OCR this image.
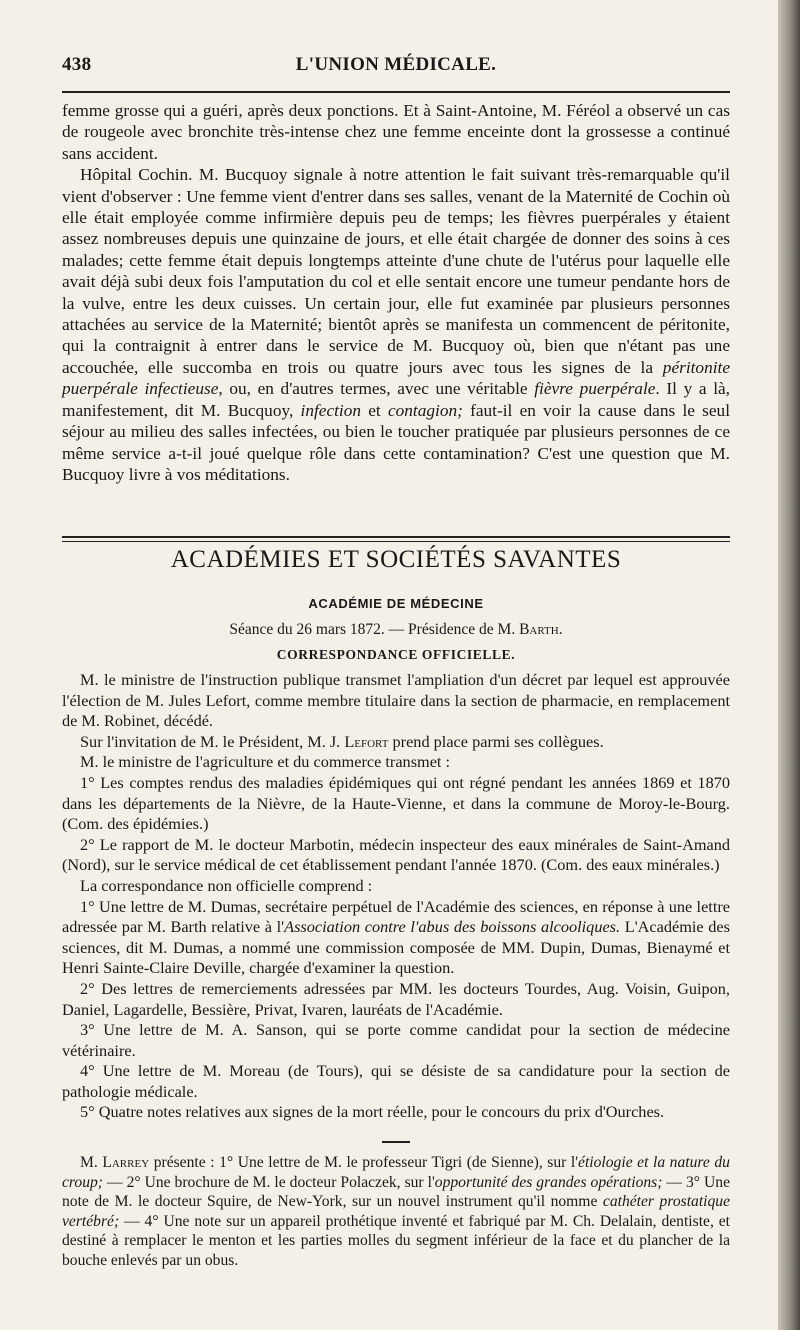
438	L'UNION MÉDICALE.

femme grosse qui a guéri, après deux ponctions. Et à Saint-Antoine, M. Féréol a observé un cas de rougeole avec bronchite très-intense chez une femme enceinte dont la grossesse a continué sans accident.

Hôpital Cochin. M. Bucquoy signale à notre attention le fait suivant très-remarquable qu'il vient d'observer : Une femme vient d'entrer dans ses salles, venant de la Maternité de Cochin où elle était employée comme infirmière depuis peu de temps; les fièvres puerpérales y étaient assez nombreuses depuis une quinzaine de jours, et elle était chargée de donner des soins à ces malades; cette femme était depuis longtemps atteinte d'une chute de l'utérus pour laquelle elle avait déjà subi deux fois l'amputation du col et elle sentait encore une tumeur pendante hors de la vulve, entre les deux cuisses. Un certain jour, elle fut examinée par plusieurs personnes attachées au service de la Maternité; bientôt après se manifesta un commencent de péritonite, qui la contraignit à entrer dans le service de M. Bucquoy où, bien que n'étant pas une accouchée, elle succomba en trois ou quatre jours avec tous les signes de la péritonite puerpérale infectieuse, ou, en d'autres termes, avec une véritable fièvre puerpérale. Il y a là, manifestement, dit M. Bucquoy, infection et contagion; faut-il en voir la cause dans le seul séjour au milieu des salles infectées, ou bien le toucher pratiquée par plusieurs personnes de ce même service a-t-il joué quelque rôle dans cette contamination? C'est une question que M. Bucquoy livre à vos méditations.

ACADÉMIES ET SOCIÉTÉS SAVANTES
ACADÉMIE DE MÉDECINE
Séance du 26 mars 1872. — Présidence de M. Barth.
CORRESPONDANCE OFFICIELLE.

M. le ministre de l'instruction publique transmet l'ampliation d'un décret par lequel est approuvée l'élection de M. Jules Lefort, comme membre titulaire dans la section de pharmacie, en remplacement de M. Robinet, décédé.

Sur l'invitation de M. le Président, M. J. Lefort prend place parmi ses collègues.

M. le ministre de l'agriculture et du commerce transmet :

1° Les comptes rendus des maladies épidémiques qui ont régné pendant les années 1869 et 1870 dans les départements de la Nièvre, de la Haute-Vienne, et dans la commune de Moroy-le-Bourg. (Com. des épidémies.)

2° Le rapport de M. le docteur Marbotin, médecin inspecteur des eaux minérales de Saint-Amand (Nord), sur le service médical de cet établissement pendant l'année 1870. (Com. des eaux minérales.)

La correspondance non officielle comprend :

1° Une lettre de M. Dumas, secrétaire perpétuel de l'Académie des sciences, en réponse à une lettre adressée par M. Barth relative à l'Association contre l'abus des boissons alcooliques. L'Académie des sciences, dit M. Dumas, a nommé une commission composée de MM. Dupin, Dumas, Bienaymé et Henri Sainte-Claire Deville, chargée d'examiner la question.

2° Des lettres de remerciements adressées par MM. les docteurs Tourdes, Aug. Voisin, Guipon, Daniel, Lagardelle, Bessière, Privat, Ivaren, lauréats de l'Académie.

3° Une lettre de M. A. Sanson, qui se porte comme candidat pour la section de médecine vétérinaire.

4° Une lettre de M. Moreau (de Tours), qui se désiste de sa candidature pour la section de pathologie médicale.

5° Quatre notes relatives aux signes de la mort réelle, pour le concours du prix d'Ourches.

M. Larrey présente : 1° Une lettre de M. le professeur Tigri (de Sienne), sur l'étiologie et la nature du croup; — 2° Une brochure de M. le docteur Polaczek, sur l'opportunité des grandes opérations; — 3° Une note de M. le docteur Squire, de New-York, sur un nouvel instrument qu'il nomme cathéter prostatique vertébré; — 4° Une note sur un appareil prothétique inventé et fabriqué par M. Ch. Delalain, dentiste, et destiné à remplacer le menton et les parties molles du segment inférieur de la face et du plancher de la bouche enlevés par un obus.
